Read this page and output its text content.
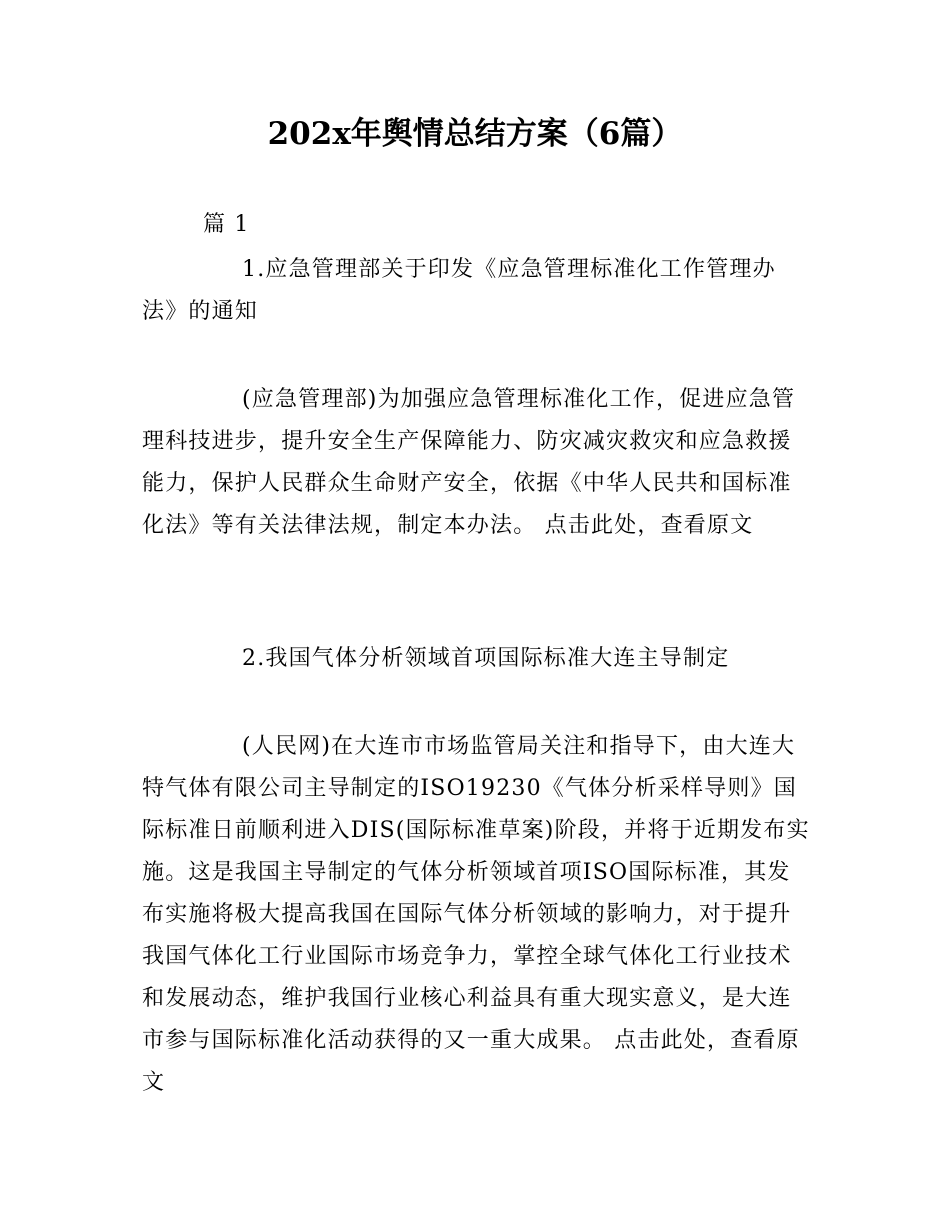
202x年舆情总结方案（6篇）

篇 1

1.应急管理部关于印发《应急管理标准化工作管理办法》的通知

(应急管理部)为加强应急管理标准化工作，促进应急管理科技进步，提升安全生产保障能力、防灾减灾救灾和应急救援能力，保护人民群众生命财产安全，依据《中华人民共和国标准化法》等有关法律法规，制定本办法。 点击此处，查看原文

2.我国气体分析领域首项国际标准大连主导制定

(人民网)在大连市市场监管局关注和指导下，由大连大特气体有限公司主导制定的ISO19230《气体分析采样导则》国际标准日前顺利进入DIS(国际标准草案)阶段，并将于近期发布实施。这是我国主导制定的气体分析领域首项ISO国际标准，其发布实施将极大提高我国在国际气体分析领域的影响力，对于提升我国气体化工行业国际市场竞争力，掌控全球气体化工行业技术和发展动态，维护我国行业核心利益具有重大现实意义，是大连市参与国际标准化活动获得的又一重大成果。 点击此处，查看原文
